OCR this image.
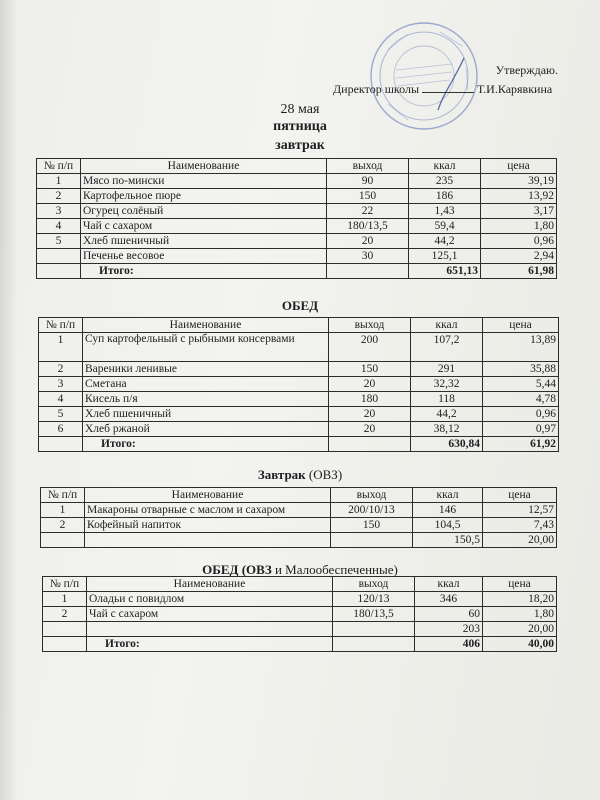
Утверждаю.
Директор школы	Т.И.Карявкина
28 мая
пятница
завтрак
№ п/п	Наименование	выход	ккал	цена
1	Мясо по-мински	90	235	39,19
2	Картофельное пюре	150	186	13,92
3	Огурец солёный	22	1,43	3,17
4	Чай с сахаром	180/13,5	59,4	1,80
5	Хлеб пшеничный	20	44,2	0,96
	Печенье весовое	30	125,1	2,94
	Итого:		651,13	61,98
ОБЕД
№ п/п	Наименование	выход	ккал	цена
1	Суп картофельный с рыбными консервами	200	107,2	13,89
2	Вареники ленивые	150	291	35,88
3	Сметана	20	32,32	5,44
4	Кисель п/я	180	118	4,78
5	Хлеб пшеничный	20	44,2	0,96
6	Хлеб ржаной	20	38,12	0,97
	Итого:		630,84	61,92
Завтрак (ОВЗ)
№ п/п	Наименование	выход	ккал	цена
1	Макароны отварные с маслом и сахаром	200/10/13	146	12,57
2	Кофейный напиток	150	104,5	7,43
			150,5	20,00
ОБЕД (ОВЗ и Малообеспеченные)
№ п/п	Наименование	выход	ккал	цена
1	Оладьи с повидлом	120/13	346	18,20
2	Чай с сахаром	180/13,5	60	1,80
			203	20,00
	Итого:		406	40,00
